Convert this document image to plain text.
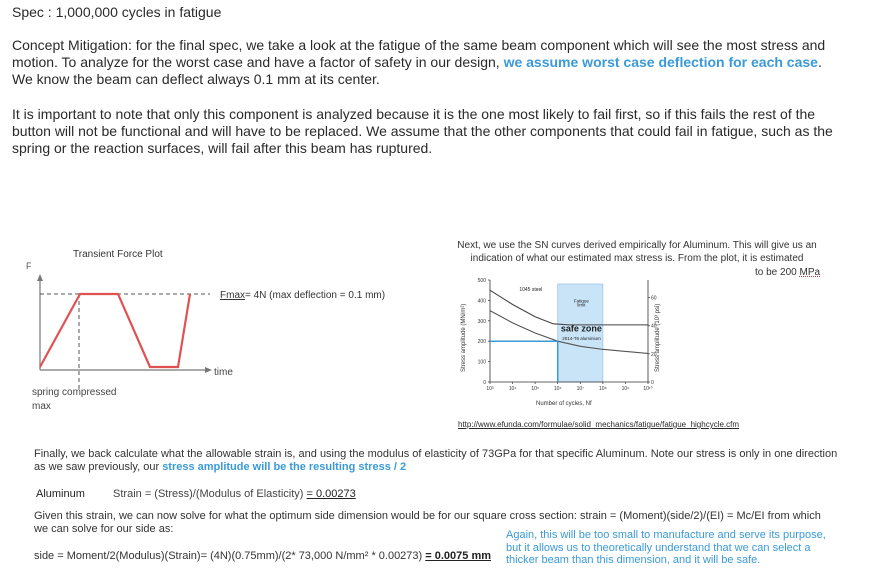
Spec : 1,000,000 cycles in fatigue
Concept Mitigation: for the final spec, we take a look at the fatigue of the same beam component which will see the most stress and motion. To analyze for the worst case and have a factor of safety in our design, we assume worst case deflection for each case. We know the beam can deflect always 0.1 mm at its center.
It is important to note that only this component is analyzed because it is the one most likely to fail first, so if this fails the rest of the button will not be functional and will have to be replaced. We assume that the other components that could fail in fatigue, such as the spring or the reaction surfaces, will fail after this beam has ruptured.
Transient Force Plot
F
Fmax= 4N (max deflection = 0.1 mm)
time
spring compressed
max
Next, we use the SN curves derived empirically for Aluminum. This will give us an indication of what our estimated max stress is. From the plot, it is estimated
to be 200 MPa
Stress amplitude (MN/m²)	Stress amplitude (10³ psi)
Number of cycles, Nf
0
100
200
300
400
500
0
20
40
60
10³	10⁴	10⁵	10⁶	10⁷	10⁸	10⁹	10¹⁰
1045 steel
2014-T6 aluminium
Fatigue
limit
safe zone
http://www.efunda.com/formulae/solid_mechanics/fatigue/fatigue_highcycle.cfm
Finally, we back calculate what the allowable strain is, and using the modulus of elasticity of 73GPa for that specific Aluminum. Note our stress is only in one direction as we saw previously, our stress amplitude will be the resulting stress / 2
Aluminum	Strain = (Stress)/(Modulus of Elasticity) = 0.00273
Given this strain, we can now solve for what the optimum side dimension would be for our square cross section: strain = (Moment)(side/2)/(EI) = Mc/EI from which we can solve for our side as:
side = Moment/2(Modulus)(Strain)= (4N)(0.75mm)/(2* 73,000 N/mm² * 0.00273) = 0.0075 mm
Again, this will be too small to manufacture and serve its purpose, but it allows us to theoretically understand that we can select a thicker beam than this dimension, and it will be safe.
